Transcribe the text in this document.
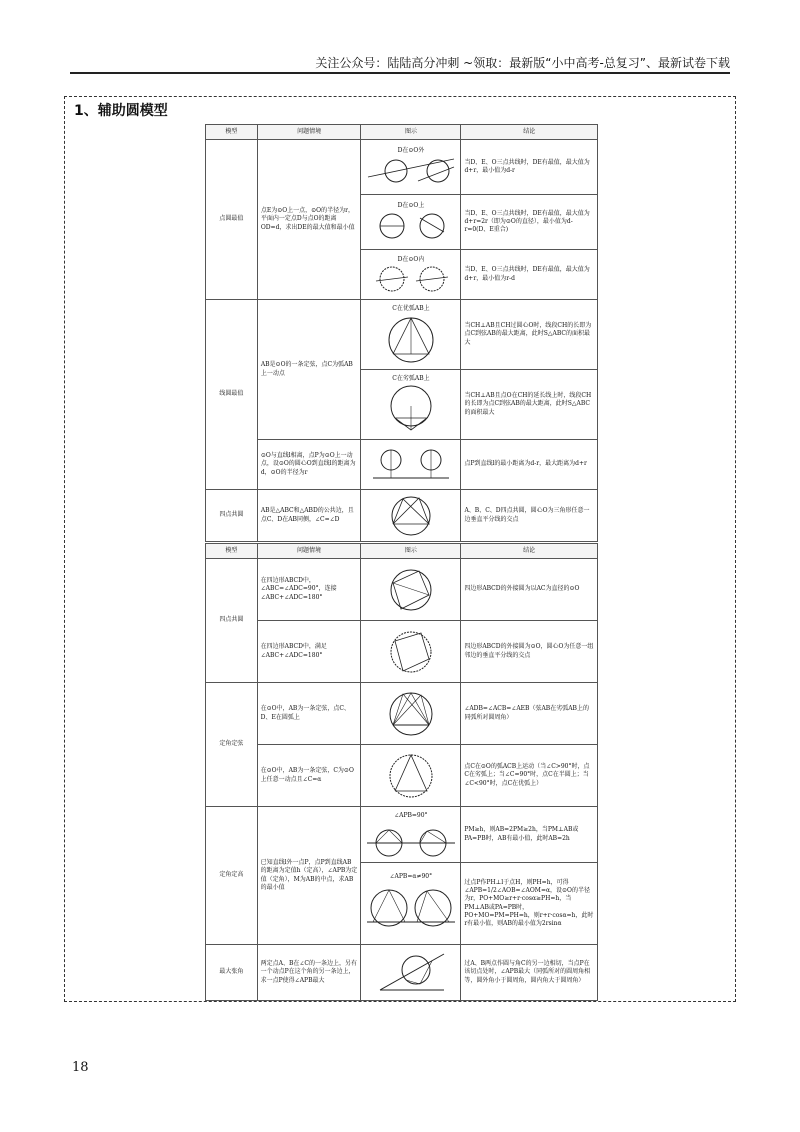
关注公众号：陆陆高分冲刺 ~领取：最新版“小中高考-总复习”、最新试卷下载
1、辅助圆模型
模型	问题情境	图示	结论
点圆最值	点E为⊙O上一点，⊙O的半径为r，平面内一定点D与点O的距离OD=d，求出DE的最大值和最小值	D在⊙O外	当D、E、O三点共线时，DE有最值，最大值为d+r，最小值为d-r

		D在⊙O上	当D、E、O三点共线时，DE有最值，最大值为d+r=2r（即为⊙O的直径），最小值为d-r=0(D、E重合)

		D在⊙O内	当D、E、O三点共线时，DE有最值，最大值为d+r，最小值为r-d
线圆最值	AB是⊙O的一条定弦，点C为弧AB上一动点	C在优弧AB上	当CH⊥AB且CH过圆心O时，线段CH的长即为点C到弦AB的最大距离，此时S△ABC的面积最大

		C在劣弧AB上	当CH⊥AB且点O在CH的延长线上时，线段CH的长即为点C到弦AB的最大距离，此时S△ABC的面积最大
	⊙O与直线l相离，点P为⊙O上一动点，设⊙O的圆心O到直线l的距离为d，⊙O的半径为r		点P到直线l的最小距离为d-r，最大距离为d+r
四点共圆	AB是△ABC和△ABD的公共边，且点C、D在AB同侧，∠C=∠D		A、B、C、D四点共圆，圆心O为三角形任意一边垂直平分线的交点
模型	问题情境	图示	结论
四点共圆	在四边形ABCD中，∠ABC=∠ADC=90°，连接∠ABC+∠ADC=180°		四边形ABCD的外接圆为以AC为直径的⊙O
	在四边形ABCD中，满足∠ABC+∠ADC=180°		四边形ABCD的外接圆为⊙O，圆心O为任意一组邻边的垂直平分线的交点
定角定弦	在⊙O中，AB为一条定弦，点C、D、E在圆弧上		∠ADB=∠ACB=∠AEB（弦AB在劣弧AB上的同弧所对圆周角）
	在⊙O中，AB为一条定弦，C为⊙O上任意一动点且∠C=α		点C在⊙O的弧ACB上运动（当∠C>90°时，点C在劣弧上；当∠C=90°时，点C在半圆上；当∠C<90°时，点C在优弧上）
定角定高	已知直线l外一点P，点P到直线AB的距离为定值h（定高），∠APB为定值（定角），M为AB的中点，求AB的最小值	∠APB=90°	PM≥h，则AB=2PM≥2h，当PM⊥AB或PA=PB时，AB有最小值，此时AB=2h

		∠APB=α≠90°	过点P作PH⊥l于点H，则PH=h，可得∠APB=1/2∠AOB=∠AOM=α，设⊙O的半径为r，PO+MO≥r+r·cosα≥PH=h，当PM⊥AB或PA=PB时，PO+MO=PM=PH=h，则r+r·cosα=h，此时r有最小值，则AB的最小值为2rsinα
最大张角	两定点A、B在∠C的一条边上，另有一个动点P在这个角的另一条边上，求一点P使得∠APB最大		过A、B两点作圆与角C的另一边相切，当点P在该切点处时，∠APB最大（同弧所对的圆周角相等，圆外角小于圆周角，圆内角大于圆周角）
18
